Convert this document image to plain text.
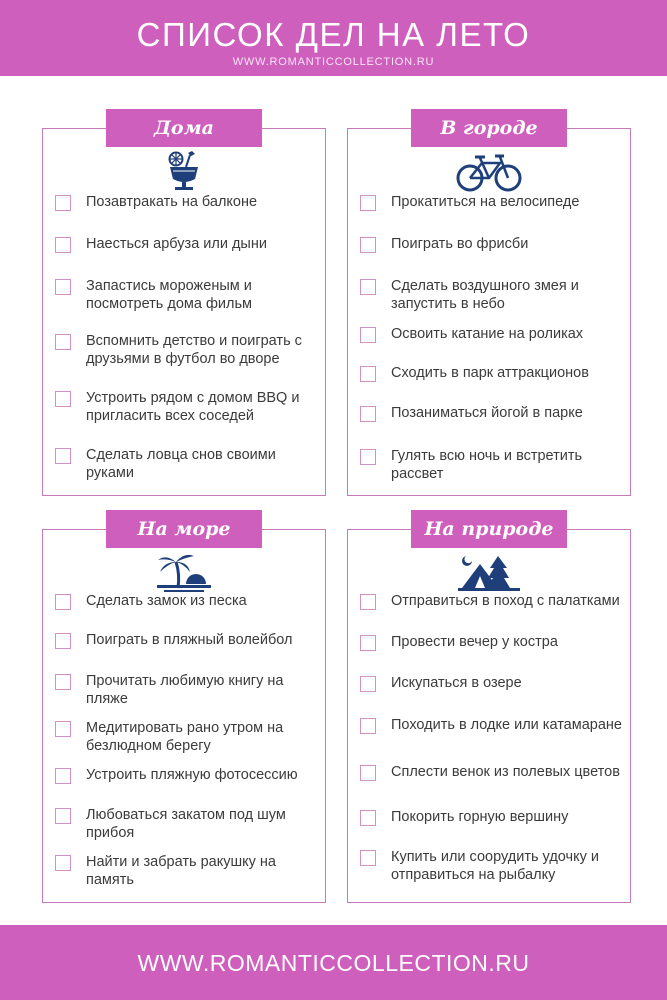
СПИСОК ДЕЛ НА ЛЕТО
WWW.ROMANTICCOLLECTION.RU
Дома
Позавтракать на балконе
Наесться арбуза или дыни
Запастись мороженым и посмотреть дома фильм
Вспомнить детство и поиграть с друзьями в футбол во дворе
Устроить рядом с домом BBQ и пригласить всех соседей
Сделать ловца снов своими руками
В городе
Прокатиться на велосипеде
Поиграть во фрисби
Сделать воздушного змея и запустить в небо
Освоить катание на роликах
Сходить в парк аттракционов
Позаниматься йогой в парке
Гулять всю ночь и встретить рассвет
На море
Сделать замок из песка
Поиграть в пляжный волейбол
Прочитать любимую книгу на пляже
Медитировать рано утром на безлюдном берегу
Устроить пляжную фотосессию
Любоваться закатом под шум прибоя
Найти и забрать ракушку на память
На природе
Отправиться в поход с палатками
Провести вечер у костра
Искупаться в озере
Походить в лодке или катамаране
Сплести венок из полевых цветов
Покорить горную вершину
Купить или соорудить удочку и отправиться на рыбалку
WWW.ROMANTICCOLLECTION.RU
